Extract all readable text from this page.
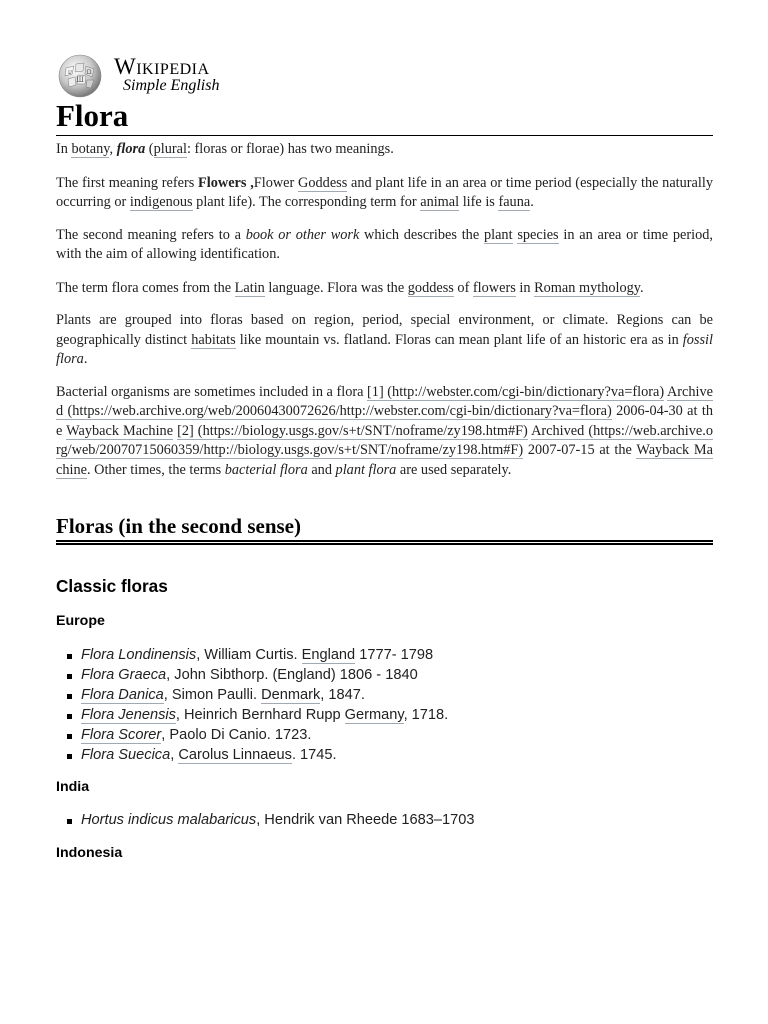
Ш
Ω
ש Wikipedia
Simple English
Flora

In botany, flora (plural: floras or florae) has two meanings.

The first meaning refers Flowers ,Flower Goddess and plant life in an area or time period (especially the naturally occurring or indigenous plant life). The corresponding term for animal life is fauna.

The second meaning refers to a book or other work which describes the plant species in an area or time period, with the aim of allowing identification.

The term flora comes from the Latin language. Flora was the goddess of flowers in Roman mythology.

Plants are grouped into floras based on region, period, special environment, or climate. Regions can be geographically distinct habitats like mountain vs. flatland. Floras can mean plant life of an historic era as in fossil flora.

Bacterial organisms are sometimes included in a flora [1] (http://webster.com/cgi-bin/dictionary?va=flora) Archived (https://web.archive.org/web/20060430072626/http://webster.com/cgi-bin/dictionary?va=flora) 2006-04-30 at the Wayback Machine [2] (https://biology.usgs.gov/s+t/SNT/noframe/zy198.htm#F) Archived (https://web.archive.org/web/20070715060359/http://biology.usgs.gov/s+t/SNT/noframe/zy198.htm#F) 2007-07-15 at the Wayback Machine. Other times, the terms bacterial flora and plant flora are used separately.

Floras (in the second sense)
Classic floras
Europe
Flora Londinensis, William Curtis. England 1777- 1798
Flora Graeca, John Sibthorp. (England) 1806 - 1840
Flora Danica, Simon Paulli. Denmark, 1847.
Flora Jenensis, Heinrich Bernhard Rupp Germany, 1718.
Flora Scorer, Paolo Di Canio. 1723.
Flora Suecica, Carolus Linnaeus. 1745.
India
Hortus indicus malabaricus, Hendrik van Rheede 1683–1703
Indonesia
